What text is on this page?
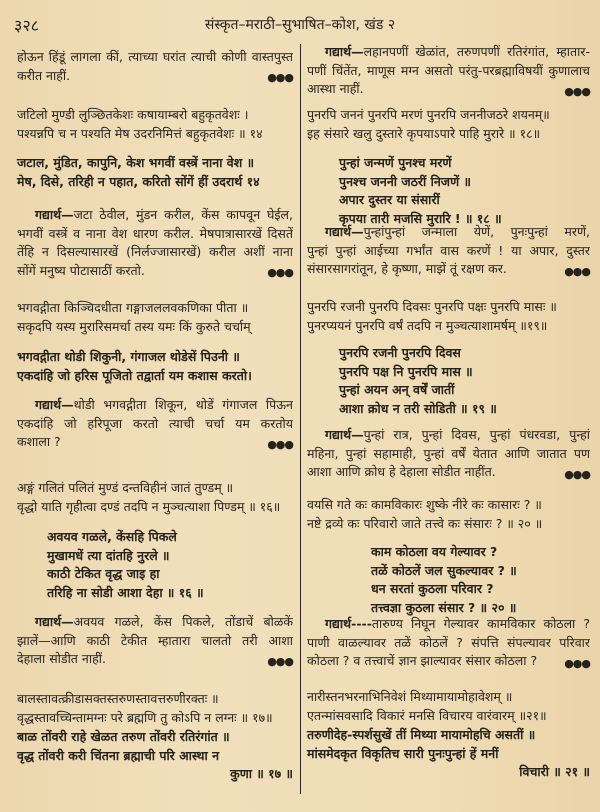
३२८	संस्कृत–मराठी–सुभाषित–कोश, खंड २
होऊन हिंडूं लागला कीं, त्याच्या घरांत त्याची कोणी वास्तपुस्त
करीत नाहीं.	●●●
जटिलो मुण्डी लुञ्छितकेशः कषायाम्बरो बहुकृतवेशः ।
पश्यन्नपि च न पश्यति मेष उदरनिमित्तं बहुकृतवेशः ॥ १४
जटाल, मुंडित, कापुनि, केश भगवीं वस्त्रें नाना वेश ॥
मेष, दिसे, तरिही न पहात, करितो सोंगें हीं उदरार्थ १४
गद्यार्थ—जटा ठेवील, मुंडन करील, केंस कापवून घेईल,
भगवीं वस्त्रें व नाना वेश धारण करील. मेषपात्रासारखें दिसतें
तेंहि न दिसल्यासारखें (निर्लज्जासारखें) करील अशीं नाना
सोंगें मनुष्य पोटासाठीं करतो.	●●●
भगवद्गीता किञ्चिदधीता गङ्गाजललवकणिका पीता ॥
सकृदपि यस्य मुरारिसमर्चा तस्य यमः किं कुरुते चर्चाम्
भगवद्गीता थोडी शिकुनी, गंगाजल थोडेसें पिउनी ॥
एकदांहि जो हरिस पूजितो तद्वार्ता यम कशास करतो।
गद्यार्थ—थोडी भगवद्गीता शिकून, थोडें गंगाजल पिऊन
एकदांहि जो हरिपूजा करतो त्याची चर्चा यम करतोय
कशाला ?	●●●
अङ्गं गलितं पलितं मुण्डं दन्तविहीनं जातं तुण्डम् ॥
वृद्धो याति गृहीत्वा दण्डं तदपि न मुञ्चत्याशा पिण्डम् ॥ १६॥
अवयव गळले, केंसहि पिकले
मुखामधें त्या दांतहि नुरले ॥
काठी टेकित वृद्ध जाइ हा
तरिहि ना सोडी आशा देहा ॥ १६ ॥
गद्यार्थ—अवयव गळले, केंस पिकले, तोंडाचें बोळकें
झालें—आणि काठी टेकीत म्हातारा चालतो तरी आशा
देहाला सोडीत नाहीं.	●●●
बालस्तावत्क्रीडासक्तस्तरुणस्तावत्तरुणीरक्तः ॥
वृद्धस्तावच्चिन्तामग्नः परे ब्रह्मणि तु कोऽपि न लग्नः ॥ १७॥
बाळ तोंवरी राहे खेळत तरुण तोंवरी रतिरंगांत ॥
वृद्ध तोंवरी करी चिंतना ब्रह्माची परि आस्था न
कुणा ॥ १७ ॥
गद्यार्थ—लहानपणीं खेळांत, तरुणपणीं रतिरंगांत, म्हातार-
पणीं चिंतेंत, माणूस मग्न असतो परंतु-परब्रह्माविषयीं कुणालाच
आस्था नाहीं.	●●●
पुनरपि जननं पुनरपि मरणं पुनरपि जननीजठरे शयनम्॥
इह संसारे खलु दुस्तारे कृपयाऽपारे पाहि मुरारे ॥ १८॥
पुन्हां जन्मणें पुनश्च मरणें
पुनश्च जननी जठरीं निजणें ॥
अपार दुस्तर या संसारीं
कृपया तारी मजसि मुरारि ! ॥ १८ ॥
गद्यार्थ—पुन्हांपुन्हां जन्माला येणें, पुनःपुन्हां मरणें,
पुन्हां पुन्हां आईच्या गर्भांत वास करणें ! या अपार, दुस्तर
संसारसागरांतून, हे कृष्णा, माझें तूं रक्षण कर.	●●●
पुनरपि रजनी पुनरपि दिवसः पुनरपि पक्षः पुनरपि मासः ॥
पुनरप्ययनं पुनरपि वर्षं तदपि न मुञ्चत्याशामर्षम् ॥१९॥
पुनरपि रजनी पुनरपि दिवस
पुनरपि पक्ष नि पुनरपि मास ॥
पुन्हां अयन अन् वर्षें जातीं
आशा क्रोध न तरी सोडिती ॥ १९ ॥
गद्यार्थ—पुन्हां रात्र, पुन्हां दिवस, पुन्हां पंधरवडा, पुन्हां
महिना, पुन्हां सहामाही, पुन्हां वर्षें येतात आणि जातात पण
आशा आणि क्रोध हे देहाला सोडीत नाहींत.	●●●
वयसि गते कः कामविकारः शुष्के नीरे कः कासारः ? ॥
नष्टे द्रव्ये कः परिवारो जाते तत्त्वे कः संसारः ? ॥ २० ॥
काम कोठला वय गेल्यावर ?
तळें कोठलें जल सुकल्यावर ? ॥
धन सरतां कुठला परिवार ?
तत्त्वज्ञा कुठला संसार ? ॥ २० ॥
गद्यार्थ----तारुण्य निघून गेल्यावर कामविकार कोठला ?
पाणी वाळल्यावर तळें कोठलें ? संपत्ति संपल्यावर परिवार
कोठला ? व तत्त्वाचें ज्ञान झाल्यावर संसार कोठला ?	●●●
नारीस्तनभरनाभिनिवेशं मिथ्यामायामोहावेशम् ॥
एतन्मांसवसादि विकारं मनसि विचारय वारंवारम् ॥२१॥
तरुणीदेह-स्पर्शसुखें तीं मिथ्या मायामोहचि असतीं ॥
मांसमेदकृत विकृतिच सारी पुनःपुन्हां हें मनीं
विचारी ॥ २१ ॥
